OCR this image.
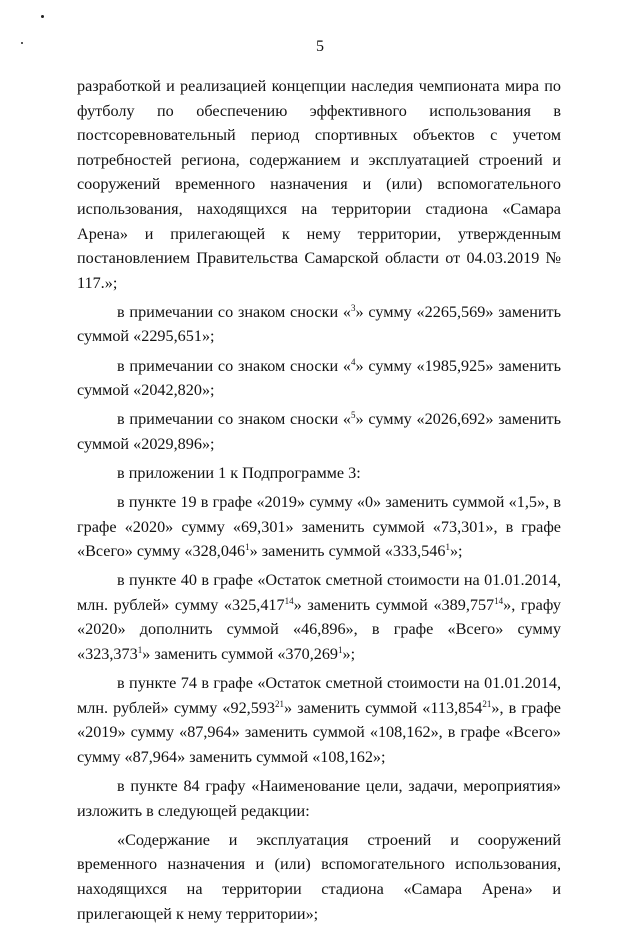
5

разработкой и реализацией концепции наследия чемпионата мира по футболу по обеспечению эффективного использования в постсоревновательный период спортивных объектов с учетом потребностей региона, содержанием и эксплуатацией строений и сооружений временного назначения и (или) вспомогательного использования, находящихся на территории стадиона «Самара Арена» и прилегающей к нему территории, утвержденным постановлением Правительства Самарской области от 04.03.2019 № 117.»;

в примечании со знаком сноски «$^3$» сумму «2265,569» заменить суммой «2295,651»;

в примечании со знаком сноски «$^4$» сумму «1985,925» заменить суммой «2042,820»;

в примечании со знаком сноски «$^5$» сумму «2026,692» заменить суммой «2029,896»;

в приложении 1 к Подпрограмме 3:

в пункте 19 в графе «2019» сумму «0» заменить суммой «1,5», в графе «2020» сумму «69,301» заменить суммой «73,301», в графе «Всего» сумму «328,046$^1$» заменить суммой «333,546$^1$»;

в пункте 40 в графе «Остаток сметной стоимости на 01.01.2014, млн. рублей» сумму «325,417$^{14}$» заменить суммой «389,757$^{14}$», графу «2020» дополнить суммой «46,896», в графе «Всего» сумму «323,373$^1$» заменить суммой «370,269$^1$»;

в пункте 74 в графе «Остаток сметной стоимости на 01.01.2014, млн. рублей» сумму «92,593$^{21}$» заменить суммой «113,854$^{21}$», в графе «2019» сумму «87,964» заменить суммой «108,162», в графе «Всего» сумму «87,964» заменить суммой «108,162»;

в пункте 84 графу «Наименование цели, задачи, мероприятия» изложить в следующей редакции:

«Содержание и эксплуатация строений и сооружений временного назначения и (или) вспомогательного использования, находящихся на территории стадиона «Самара Арена» и прилегающей к нему территории»;
